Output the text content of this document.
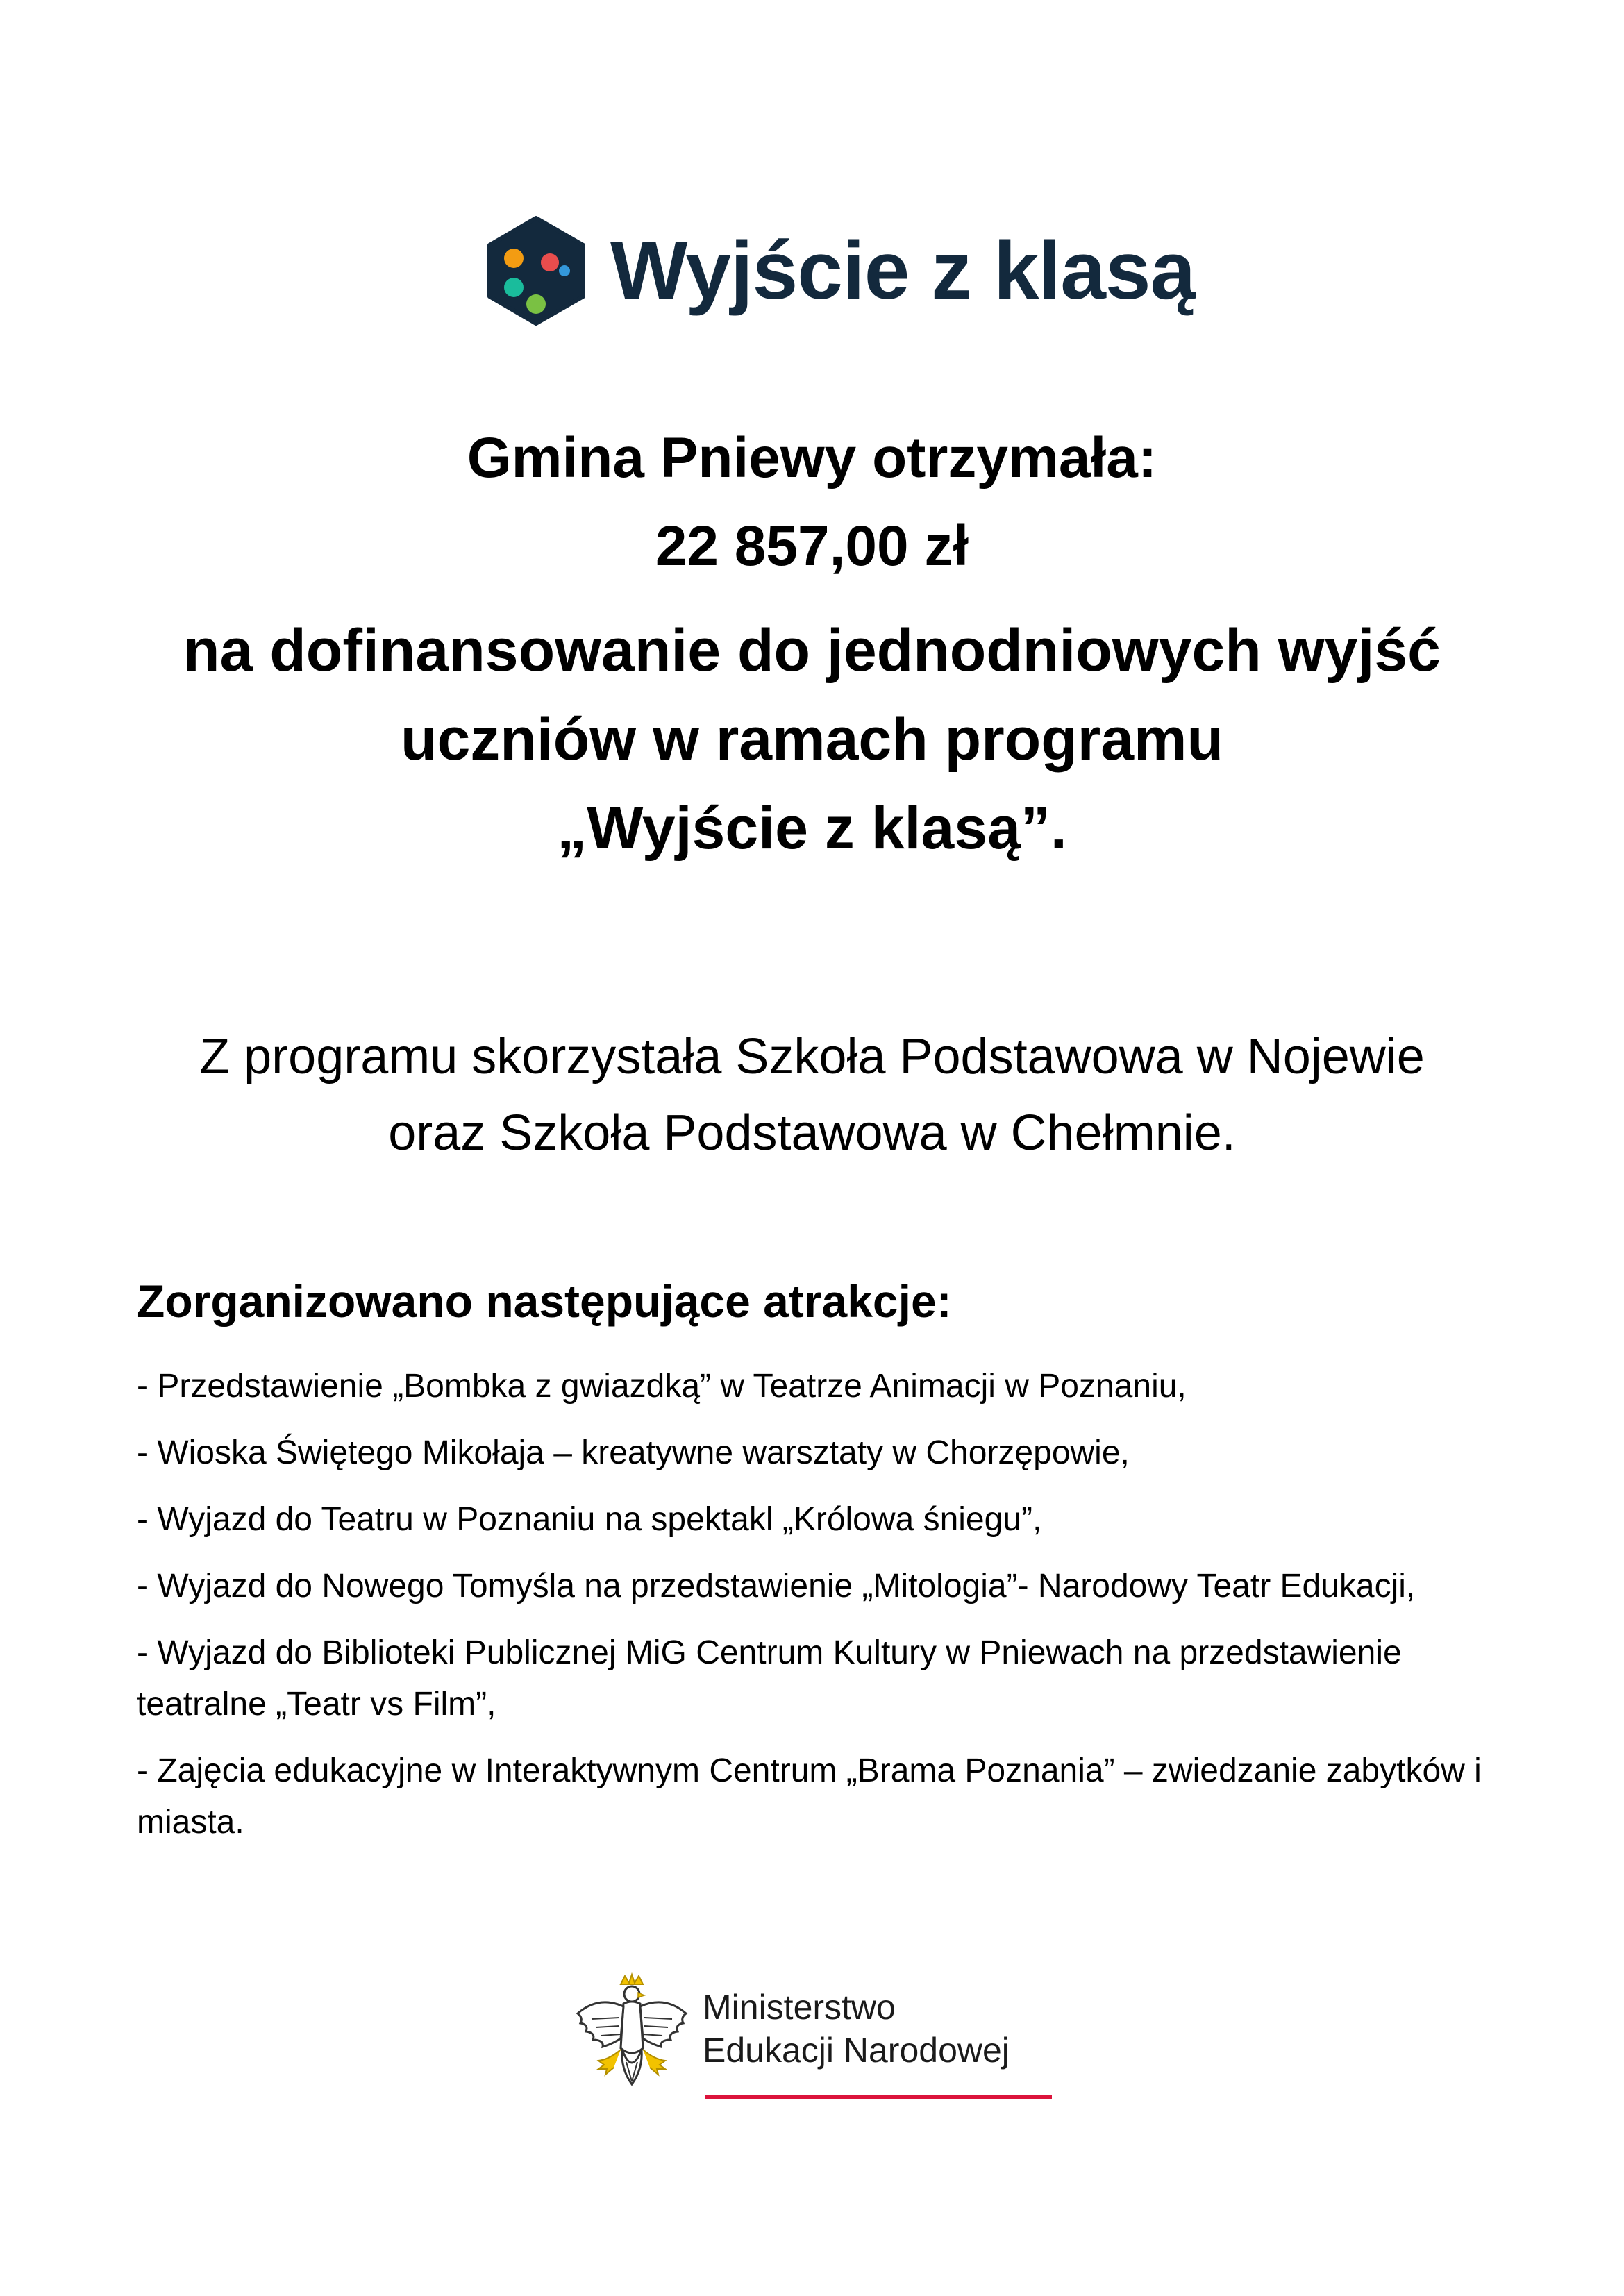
Wyjście z klasą
Gmina Pniewy otrzymała:
22 857,00 zł
na dofinansowanie do jednodniowych wyjść
uczniów w ramach programu
„Wyjście z klasą”.
Z programu skorzystała Szkoła Podstawowa w Nojewie
oraz Szkoła Podstawowa w Chełmnie.
Zorganizowano następujące atrakcje:
- Przedstawienie „Bombka z gwiazdką” w Teatrze Animacji w Poznaniu,
- Wioska Świętego Mikołaja – kreatywne warsztaty w Chorzępowie,
- Wyjazd do Teatru w Poznaniu na spektakl „Królowa śniegu”,
- Wyjazd do Nowego Tomyśla na przedstawienie „Mitologia”- Narodowy Teatr Edukacji,
- Wyjazd do Biblioteki Publicznej MiG Centrum Kultury w Pniewach na przedstawienie teatralne „Teatr vs Film”,
- Zajęcia edukacyjne w Interaktywnym Centrum „Brama Poznania” – zwiedzanie zabytków i miasta.
Ministerstwo
Edukacji Narodowej
